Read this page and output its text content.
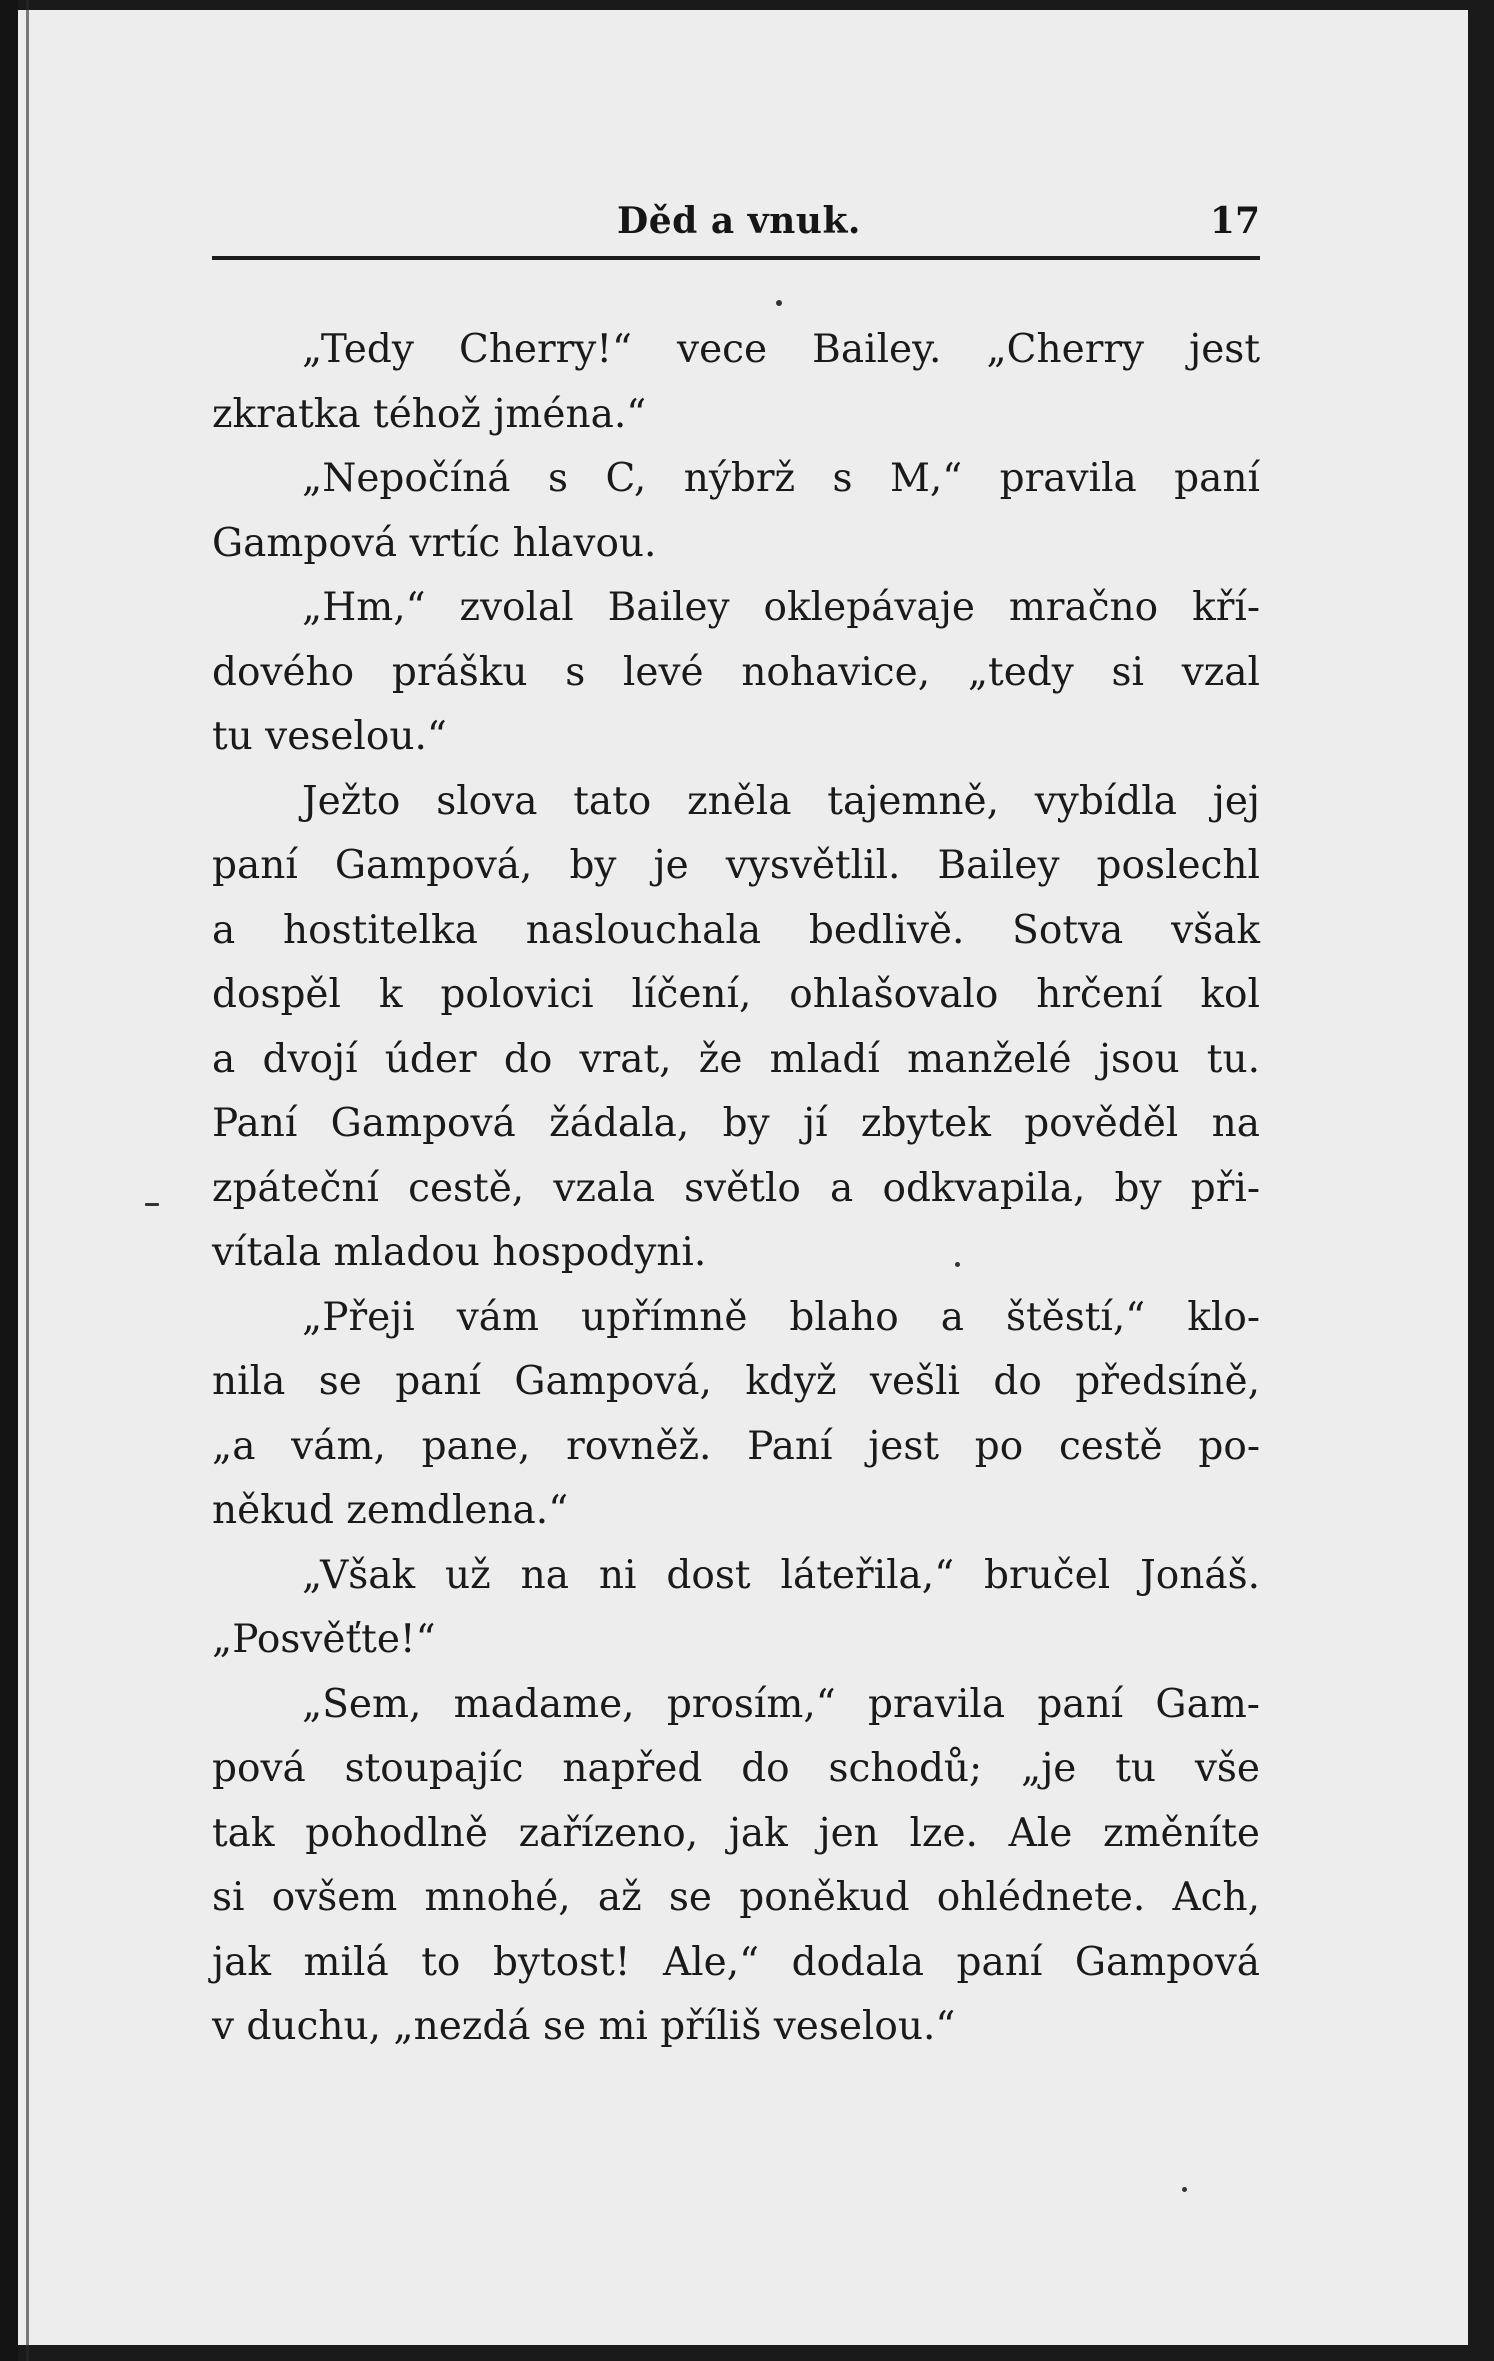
Děd a vnuk.	17
„Tedy Cherry!“ vece Bailey. „Cherry jest
zkratka téhož jména.“
„Nepočíná s C, nýbrž s M,“ pravila paní
Gampová vrtíc hlavou.
„Hm,“ zvolal Bailey oklepávaje mračno kří-
dového prášku s levé nohavice, „tedy si vzal
tu veselou.“
Ježto slova tato zněla tajemně, vybídla jej
paní Gampová, by je vysvětlil. Bailey poslechl
a hostitelka naslouchala bedlivě. Sotva však
dospěl k polovici líčení, ohlašovalo hrčení kol
a dvojí úder do vrat, že mladí manželé jsou tu.
Paní Gampová žádala, by jí zbytek pověděl na
zpáteční cestě, vzala světlo a odkvapila, by při-
vítala mladou hospodyni.
„Přeji vám upřímně blaho a štěstí,“ klo-
nila se paní Gampová, když vešli do předsíně,
„a vám, pane, rovněž. Paní jest po cestě po-
někud zemdlena.“
„Však už na ni dost láteřila,“ bručel Jonáš.
„Posvěťte!“
„Sem, madame, prosím,“ pravila paní Gam-
pová stoupajíc napřed do schodů; „je tu vše
tak pohodlně zařízeno, jak jen lze. Ale změníte
si ovšem mnohé, až se poněkud ohlédnete. Ach,
jak milá to bytost! Ale,“ dodala paní Gampová
v duchu, „nezdá se mi příliš veselou.“
